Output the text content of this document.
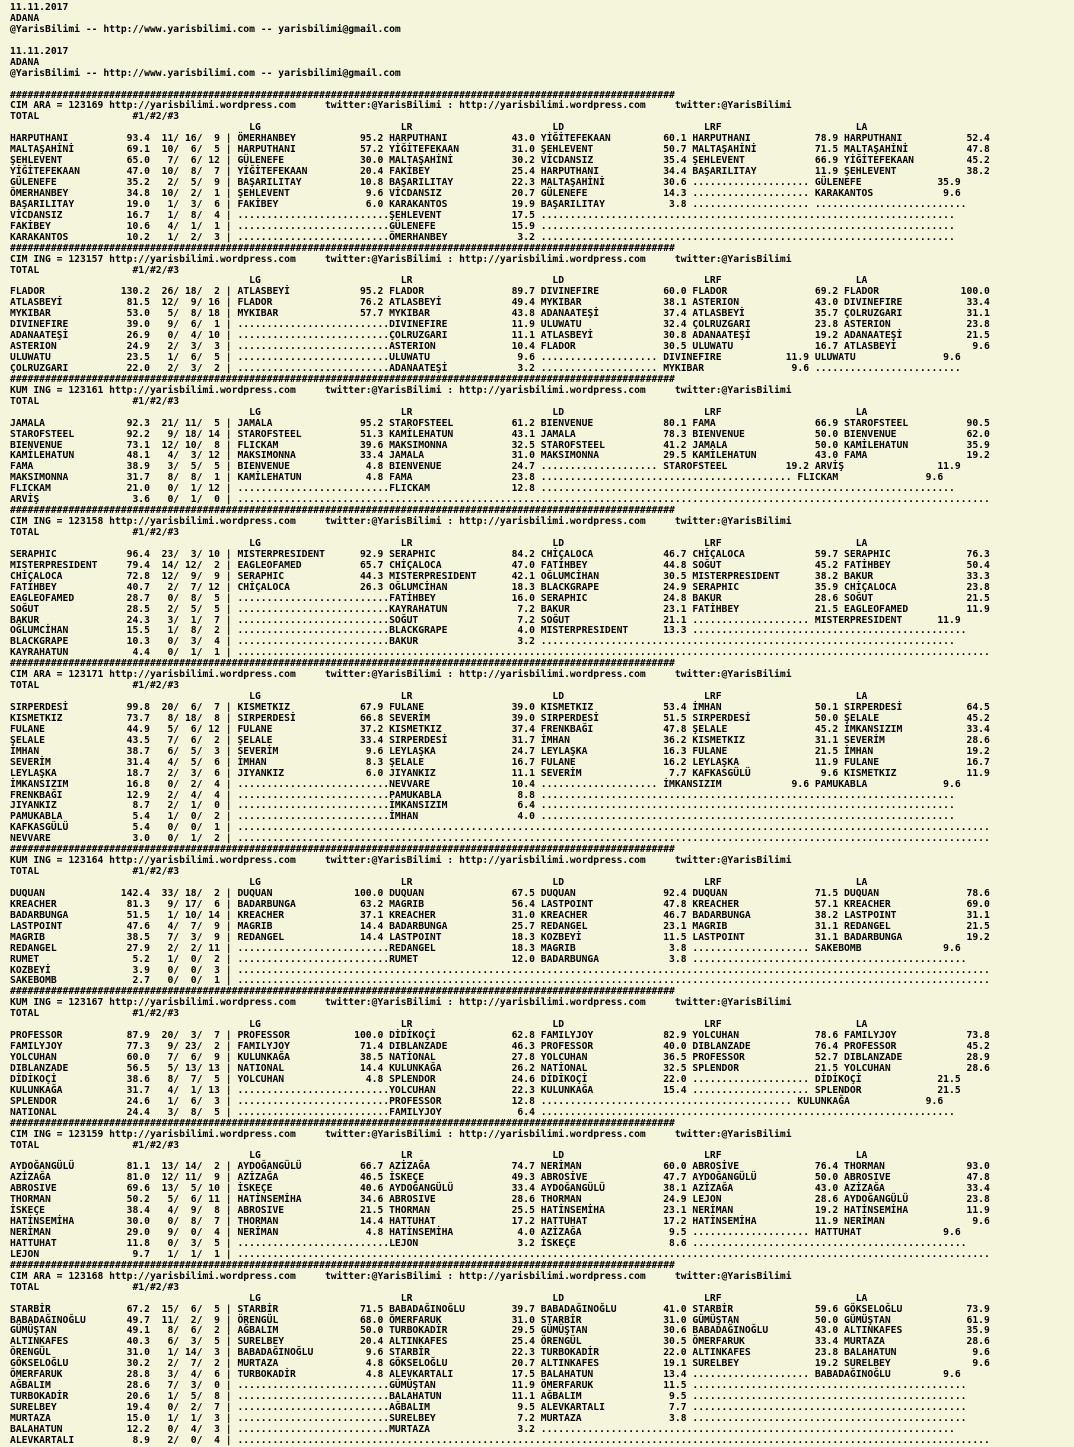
11.11.2017
ADANA
@YarisBilimi -- http://www.yarisbilimi.com -- yarisbilimi@gmail.com

11.11.2017
ADANA
@YarisBilimi -- http://www.yarisbilimi.com -- yarisbilimi@gmail.com

##################################################################################################################
CIM ARA = 123169 http://yarisbilimi.wordpress.com     twitter:@YarisBilimi : http://yarisbilimi.wordpress.com     twitter:@YarisBilimi
TOTAL                #1/#2/#3
LG                        LR                        LD                        LRF                       LA
HARPUTHANI          93.4  11/ 16/  9 | ÖMERHANBEY           95.2 HARPUTHANI           43.0 YİĞİTEFEKAAN         60.1 HARPUTHANI           78.9 HARPUTHANI           52.4
MALTAŞAHİNİ         69.1  10/  6/  5 | HARPUTHANI           57.2 YİĞİTEFEKAAN         31.0 ŞEHLEVENT            50.7 MALTAŞAHİNİ          71.5 MALTAŞAHİNİ          47.8
ŞEHLEVENT           65.0   7/  6/ 12 | GÜLENEFE             30.0 MALTAŞAHİNİ          30.2 VİCDANSIZ            35.4 ŞEHLEVENT            66.9 YİĞİTEFEKAAN         45.2
YİĞİTEFEKAAN        47.0  10/  8/  7 | YİĞİTEFEKAAN         20.4 FAKİBEY              25.4 HARPUTHANI           34.4 BAŞARILITAY          11.9 ŞEHLEVENT            38.2
GÜLENEFE            35.2   2/  5/  9 | BAŞARILITAY          10.8 BAŞARILITAY          22.3 MALTAŞAHİNİ          30.6 .................... GÜLENEFE             35.9
ÖMERHANBEY          34.8  10/  2/  1 | ŞEHLEVENT             9.6 VİCDANSIZ            20.7 GÜLENEFE             14.3 .................... KARAKANTOS            9.6
BAŞARILITAY         19.0   1/  3/  6 | FAKİBEY               6.0 KARAKANTOS           19.9 BAŞARILITAY           3.8 .................... ..........................
VİCDANSIZ           16.7   1/  8/  4 | ..........................ŞEHLEVENT            17.5 .......................................................................
FAKİBEY             10.6   4/  1/  1 | ..........................GÜLENEFE             15.9 .......................................................................
KARAKANTOS          10.2   1/  2/  3 | ..........................ÖMERHANBEY            3.2 .......................................................................
##################################################################################################################
CIM ING = 123157 http://yarisbilimi.wordpress.com     twitter:@YarisBilimi : http://yarisbilimi.wordpress.com     twitter:@YarisBilimi
TOTAL                #1/#2/#3
LG                        LR                        LD                        LRF                       LA
FLADOR             130.2  26/ 18/  2 | ATLASBEYİ            95.2 FLADOR               89.7 DIVINEFIRE           60.0 FLADOR               69.2 FLADOR              100.0
ATLASBEYİ           81.5  12/  9/ 16 | FLADOR               76.2 ATLASBEYİ            49.4 MYKIBAR              38.1 ASTERION             43.0 DIVINEFIRE           33.4
MYKIBAR             53.0   5/  8/ 18 | MYKIBAR              57.7 MYKIBAR              43.8 ADANAATEŞİ           37.4 ATLASBEYİ            35.7 ÇOLRUZGARI           31.1
DIVINEFIRE          39.0   9/  6/  1 | ..........................DIVINEFIRE           11.9 ULUWATU              32.4 ÇOLRUZGARI           23.8 ASTERION             23.8
ADANAATEŞİ          26.9   0/  4/ 10 | ..........................ÇOLRUZGARI           11.1 ATLASBEYİ            30.8 ADANAATEŞİ           19.2 ADANAATEŞİ           21.5
ASTERION            24.9   2/  3/  3 | ..........................ASTERION             10.4 FLADOR               30.5 ULUWATU              16.7 ATLASBEYİ             9.6
ULUWATU             23.5   1/  6/  5 | ..........................ULUWATU               9.6 .................... DIVINEFIRE           11.9 ULUWATU               9.6
ÇOLRUZGARI          22.0   2/  3/  2 | ..........................ADANAATEŞİ            3.2 .................... MYKIBAR               9.6 .........................
##################################################################################################################
KUM ING = 123161 http://yarisbilimi.wordpress.com     twitter:@YarisBilimi : http://yarisbilimi.wordpress.com     twitter:@YarisBilimi
TOTAL                #1/#2/#3
LG                        LR                        LD                        LRF                       LA
JAMALA              92.3  21/ 11/  5 | JAMALA               95.2 STAROFSTEEL          61.2 BIENVENUE            80.1 FAMA                 66.9 STAROFSTEEL          90.5
STAROFSTEEL         92.2   9/ 18/ 14 | STAROFSTEEL          51.3 KAMİLEHATUN          43.1 JAMALA               78.3 BIENVENUE            50.0 BIENVENUE            62.0
BIENVENUE           73.1  12/ 10/  8 | FLICKAM              39.6 MAKSIMONNA           32.5 STAROFSTEEL          41.2 JAMALA               50.0 KAMİLEHATUN          35.9
KAMİLEHATUN         48.1   4/  3/ 12 | MAKSIMONNA           33.4 JAMALA               31.0 MAKSIMONNA           29.5 KAMİLEHATUN          43.0 FAMA                 19.2
FAMA                38.9   3/  5/  5 | BIENVENUE             4.8 BIENVENUE            24.7 .................... STAROFSTEEL          19.2 ARVİŞ                11.9
MAKSIMONNA          31.7   8/  8/  1 | KAMİLEHATUN           4.8 FAMA                 23.8 ........................................... FLICKAM               9.6
FLICKAM             21.0   0/  1/ 12 | ..........................FLICKAM              12.8 .......................................................................
ARVİŞ                3.6   0/  1/  0 | .................................................................................................................................
##################################################################################################################
CIM ING = 123158 http://yarisbilimi.wordpress.com     twitter:@YarisBilimi : http://yarisbilimi.wordpress.com     twitter:@YarisBilimi
TOTAL                #1/#2/#3
LG                        LR                        LD                        LRF                       LA
SERAPHIC            96.4  23/  3/ 10 | MISTERPRESIDENT      92.9 SERAPHIC             84.2 CHİÇALOCA            46.7 CHİÇALOCA            59.7 SERAPHIC             76.3
MISTERPRESIDENT     79.4  14/ 12/  2 | EAGLEOFAMED          65.7 CHİÇALOCA            47.0 FATİHBEY             44.8 SOĞUT                45.2 FATİHBEY             50.4
CHİÇALOCA           72.8  12/  9/  9 | SERAPHIC             44.3 MISTERPRESIDENT      42.1 OĞLUMCİHAN           30.5 MISTERPRESIDENT      38.2 BAKUR                33.3
FATİHBEY            40.7   2/  7/ 12 | CHİÇALOCA            26.3 OĞLUMCİHAN           18.3 BLACKGRAPE           24.9 SERAPHIC             35.9 CHİÇALOCA            23.8
EAGLEOFAMED         28.7   0/  8/  5 | ..........................FATİHBEY             16.0 SERAPHIC             24.8 BAKUR                28.6 SOĞUT                21.5
SOĞUT               28.5   2/  5/  5 | ..........................KAYRAHATUN            7.2 BAKUR                23.1 FATİHBEY             21.5 EAGLEOFAMED          11.9
BAKUR               24.3   3/  1/  7 | ..........................SOĞUT                 7.2 SOĞUT                21.1 .................... MISTERPRESIDENT      11.9
OĞLUMCİHAN          15.5   1/  8/  2 | ..........................BLACKGRAPE            4.0 MISTERPRESIDENT      13.3 ...............................................
BLACKGRAPE          10.3   0/  3/  4 | ..........................BAKUR                 3.2 .......................................................................
KAYRAHATUN           4.4   0/  1/  1 | .................................................................................................................................
##################################################################################################################
CIM ARA = 123171 http://yarisbilimi.wordpress.com     twitter:@YarisBilimi : http://yarisbilimi.wordpress.com     twitter:@YarisBilimi
TOTAL                #1/#2/#3
LG                        LR                        LD                        LRF                       LA
SIRPERDESİ          99.8  20/  6/  7 | KISMETKIZ            67.9 FULANE               39.0 KISMETKIZ            53.4 İMHAN                50.1 SIRPERDESİ           64.5
KISMETKIZ           73.7   8/ 18/  8 | SIRPERDESİ           66.8 SEVERİM              39.0 SIRPERDESİ           51.5 SIRPERDESİ           50.0 ŞELALE               45.2
FULANE              44.9   5/  6/ 12 | FULANE               37.2 KISMETKIZ            37.4 FRENKBAĞI            47.8 ŞELALE               45.2 İMKANSIZIM           33.4
ŞELALE              43.5   7/  6/  2 | ŞELALE               33.4 SIRPERDESİ           31.7 İMHAN                36.2 KISMETKIZ            31.1 SEVERİM              28.6
İMHAN               38.7   6/  5/  3 | SEVERİM               9.6 LEYLAŞKA             24.7 LEYLAŞKA             16.3 FULANE               21.5 İMHAN                19.2
SEVERİM             31.4   4/  5/  6 | İMHAN                 8.3 ŞELALE               16.7 FULANE               16.2 LEYLAŞKA             11.9 FULANE               16.7
LEYLAŞKA            18.7   2/  3/  6 | JIYANKIZ              6.0 JIYANKIZ             11.1 SEVERİM               7.7 KAFKASGÜLÜ            9.6 KISMETKIZ            11.9
İMKANSIZIM          16.8   0/  2/  4 | ..........................NEVVARE              10.4 .................... İMKANSIZIM            9.6 PAMUKABLA             9.6
FRENKBAĞI           12.9   2/  4/  4 | ..........................PAMUKABLA             8.8 .......................................................................
JIYANKIZ             8.7   2/  1/  0 | ..........................İMKANSIZIM            6.4 .......................................................................
PAMUKABLA            5.4   1/  0/  2 | ..........................İMHAN                 4.0 .......................................................................
KAFKASGÜLÜ           5.4   0/  0/  1 | .................................................................................................................................
NEVVARE              3.0   0/  1/  2 | .................................................................................................................................
##################################################################################################################
KUM ING = 123164 http://yarisbilimi.wordpress.com     twitter:@YarisBilimi : http://yarisbilimi.wordpress.com     twitter:@YarisBilimi
TOTAL                #1/#2/#3
LG                        LR                        LD                        LRF                       LA
DUQUAN             142.4  33/ 18/  2 | DUQUAN              100.0 DUQUAN               67.5 DUQUAN               92.4 DUQUAN               71.5 DUQUAN               78.6
KREACHER            81.3   9/ 17/  6 | BADARBUNGA           63.2 MAGRIB               56.4 LASTPOINT            47.8 KREACHER             57.1 KREACHER             69.0
BADARBUNGA          51.5   1/ 10/ 14 | KREACHER             37.1 KREACHER             31.0 KREACHER             46.7 BADARBUNGA           38.2 LASTPOINT            31.1
LASTPOINT           47.6   4/  7/  9 | MAGRIB               14.4 BADARBUNGA           25.7 REDANGEL             23.1 MAGRIB               31.1 REDANGEL             21.5
MAGRIB              38.5   7/  3/  9 | REDANGEL             14.4 LASTPOINT            18.3 KOZBEYİ              11.5 LASTPOINT            31.1 BADARBUNGA           19.2
REDANGEL            27.9   2/  2/ 11 | ..........................REDANGEL             18.3 MAGRIB                3.8 .................... SAKEBOMB              9.6
RUMET                5.2   1/  0/  2 | ..........................RUMET                12.0 BADARBUNGA            3.8 ...............................................
KOZBEYİ              3.9   0/  0/  3 | .................................................................................................................................
SAKEBOMB             2.7   0/  0/  1 | .................................................................................................................................
##################################################################################################################
KUM ING = 123167 http://yarisbilimi.wordpress.com     twitter:@YarisBilimi : http://yarisbilimi.wordpress.com     twitter:@YarisBilimi
TOTAL                #1/#2/#3
LG                        LR                        LD                        LRF                       LA
PROFESSOR           87.9  20/  3/  7 | PROFESSOR           100.0 DİDİKOÇİ             62.8 FAMILYJOY            82.9 YOLCUHAN             78.6 FAMILYJOY            73.8
FAMILYJOY           77.3   9/ 23/  2 | FAMILYJOY            71.4 DIBLANZADE           46.3 PROFESSOR            40.0 DIBLANZADE           76.4 PROFESSOR            45.2
YOLCUHAN            60.0   7/  6/  9 | KULUNKAĞA            38.5 NATİONAL             27.8 YOLCUHAN             36.5 PROFESSOR            52.7 DIBLANZADE           28.9
DIBLANZADE          56.5   5/ 13/ 13 | NATIONAL             14.4 KULUNKAĞA            26.2 NATİONAL             32.5 SPLENDOR             21.5 YOLCUHAN             28.6
DİDİKOÇİ            38.6   8/  7/  5 | YOLCUHAN              4.8 SPLENDOR             24.6 DİDİKOÇİ             22.0 .................... DİDİKOÇİ             21.5
KULUNKAĞA           31.7   4/  1/ 13 | ..........................YOLCUHAN             22.3 KULUNKAĞA            15.4 .................... SPLENDOR             21.5
SPLENDOR            24.6   1/  6/  3 | ..........................PROFESSOR            12.8 ........................................... KULUNKAĞA             9.6
NATIONAL            24.4   3/  8/  5 | ..........................FAMILYJOY             6.4 .......................................................................
##################################################################################################################
CIM ING = 123159 http://yarisbilimi.wordpress.com     twitter:@YarisBilimi : http://yarisbilimi.wordpress.com     twitter:@YarisBilimi
TOTAL                #1/#2/#3
LG                        LR                        LD                        LRF                       LA
AYDOĞANGÜLÜ         81.1  13/ 14/  2 | AYDOĞANGÜLÜ          66.7 AZİZAĞA              74.7 NERİMAN              60.0 ABROSİVE             76.4 THORMAN              93.0
AZİZAĞA             81.0  12/ 11/  9 | AZİZAĞA              46.5 İSKEÇE               49.3 ABROSİVE             47.7 AYDOĞANGÜLÜ          50.0 ABROSIVE             47.8
ABROSIVE            69.6  13/  5/ 10 | İSKEÇE               40.6 AYDOĞANGÜLÜ          33.4 AYDOĞANGÜLÜ          38.1 AZİZAĞA              43.0 AZİZAĞA              33.4
THORMAN             50.2   5/  6/ 11 | HATİNSEMİHA          34.6 ABROSIVE             28.6 THORMAN              24.9 LEJON                28.6 AYDOĞANGÜLÜ          23.8
İSKEÇE              38.4   4/  9/  8 | ABROSIVE             21.5 THORMAN              25.5 HATİNSEMİHA          23.1 NERİMAN              19.2 HATİNSEMİHA          11.9
HATİNSEMİHA         30.0   0/  8/  7 | THORMAN              14.4 HATTUHAT             17.2 HATTUHAT             17.2 HATİNSEMİHA          11.9 NERİMAN               9.6
NERİMAN             29.0   9/  0/  4 | NERİMAN               4.8 HATİNSEMİHA           4.0 AZİZAĞA               9.5 .................... HATTUHAT              9.6
HATTUHAT            11.8   0/  3/  5 | ..........................LEJON                 3.2 İSKEÇE                8.6 ...............................................
LEJON                9.7   1/  1/  1 | .................................................................................................................................
##################################################################################################################
CIM ARA = 123168 http://yarisbilimi.wordpress.com     twitter:@YarisBilimi : http://yarisbilimi.wordpress.com     twitter:@YarisBilimi
TOTAL                #1/#2/#3
LG                        LR                        LD                        LRF                       LA
STARBİR             67.2  15/  6/  5 | STARBİR              71.5 BABADAĞINOĞLU        39.7 BABADAĞINOĞLU        41.0 STARBİR              59.6 GÖKSELOĞLU           73.9
BABADAĞINOĞLU       49.7  11/  2/  9 | ÖRENGÜL              68.0 ÖMERFARUK            31.0 STARBİR              31.0 GÜMÜŞTAN             50.0 GÜMÜŞTAN             61.9
GÜMÜŞTAN            49.1   8/  6/  2 | AĞBALIM              50.0 TURBOKADİR           29.5 GÜMÜŞTAN             30.6 BABADAĞINOĞLU        43.0 ALTINKAFES           35.9
ALTINKAFES          40.3   6/  3/  5 | SURELBEY             20.4 ALTINKAFES           25.4 ÖRENGÜL              30.5 ÖMERFARUK            33.4 MURTAZA              28.6
ÖRENGÜL             31.0   1/ 14/  3 | BABADAĞINOĞLU         9.6 STARBİR              22.3 TURBOKADİR           22.0 ALTINKAFES           23.8 BALAHATUN             9.6
GÖKSELOĞLU          30.2   2/  7/  2 | MURTAZA               4.8 GÖKSELOĞLU           20.7 ALTINKAFES           19.1 SURELBEY             19.2 SURELBEY              9.6
ÖMERFARUK           28.8   3/  4/  6 | TURBOKADİR            4.8 ALEVKARTALI          17.5 BALAHATUN            13.4 .................... BABADAĞINOĞLU         9.6
AĞBALIM             28.6   7/  3/  0 | ..........................GÜMÜŞTAN             11.9 ÖMERFARUK            11.5 ...............................................
TURBOKADİR          20.6   1/  5/  8 | ..........................BALAHATUN            11.1 AĞBALIM               9.5 ...............................................
SURELBEY            19.4   0/  2/  7 | ..........................AĞBALIM               9.5 ALEVKARTALI           7.7 ...............................................
MURTAZA             15.0   1/  1/  3 | ..........................SURELBEY              7.2 MURTAZA               3.8 ...............................................
BALAHATUN           12.2   0/  4/  3 | ..........................MURTAZA               3.2 .......................................................................
ALEVKARTALI          8.9   2/  0/  4 | .................................................................................................................................
